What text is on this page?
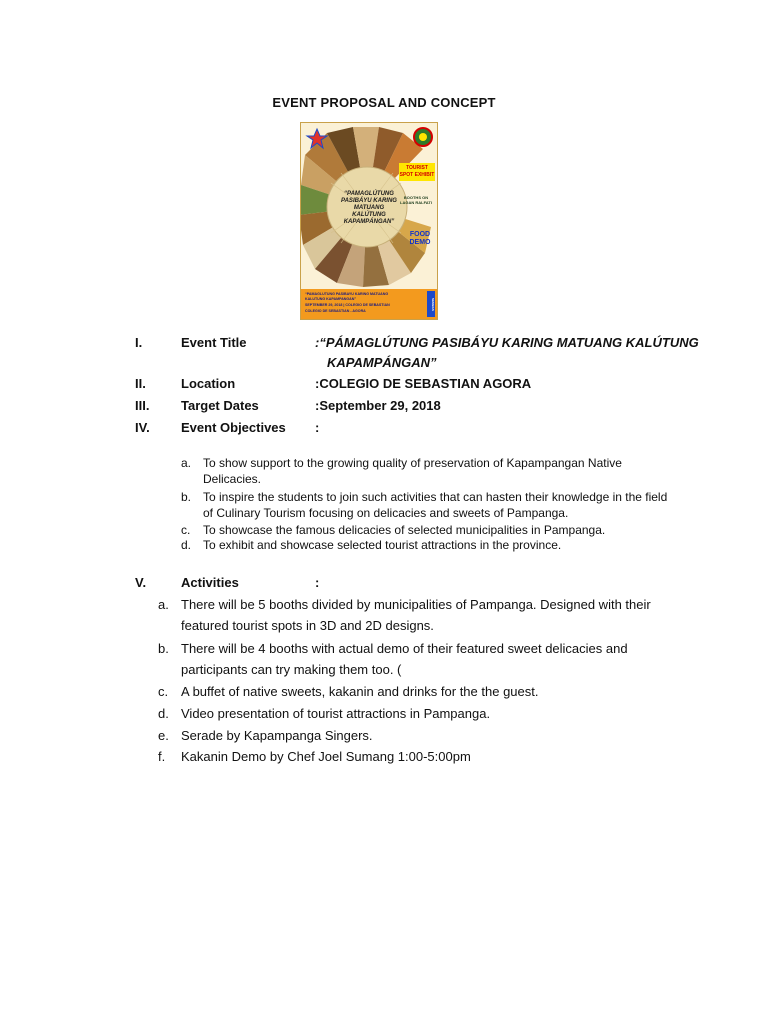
EVENT PROPOSAL AND CONCEPT
“PAMAGLÚTUNG
PASIBÁYU KARING
MATUANG
KALÚTUNG
KAPAMPÁNGAN”
TOURIST SPOT EXHIBIT
BOOTHS ON LAGAN RALFATI
FOOD DEMO
“PAMAGLUTUNG PASIBAYU KARING MATUANG
KALUTUNG KAPAMPANGAN”
SEPTEMBER 29, 2018 | COLEGIO DE SEBASTIAN
COLEGIO DE SEBASTIAN - AGORA
SEMBAS
I.	Event Title	:“PÁMAGLÚTUNG PASIBÁYU KARING MATUANG KALÚTUNG
KAPAMPÁNGAN”
II.	Location	:COLEGIO DE SEBASTIAN AGORA
III. Target Dates	:September 29, 2018
IV. Event Objectives :
a. To show support to the growing quality of preservation of Kapampangan Native Delicacies.
b. To inspire the students to join such activities that can hasten their knowledge in the field of Culinary Tourism focusing on delicacies and sweets of Pampanga.
c. To showcase the famous delicacies of selected municipalities in Pampanga.
d. To exhibit and showcase selected tourist attractions in the province.
V.	Activities	:
a. There will be 5 booths divided by municipalities of Pampanga. Designed with their featured tourist spots in 3D and 2D designs.
b. There will be 4 booths with actual demo of their featured sweet delicacies and participants can try making them too. (
c. A buffet of native sweets, kakanin and drinks for the the guest.
d. Video presentation of tourist attractions in Pampanga.
e. Serade by Kapampanga Singers.
f. Kakanin Demo by Chef Joel Sumang 1:00-5:00pm
